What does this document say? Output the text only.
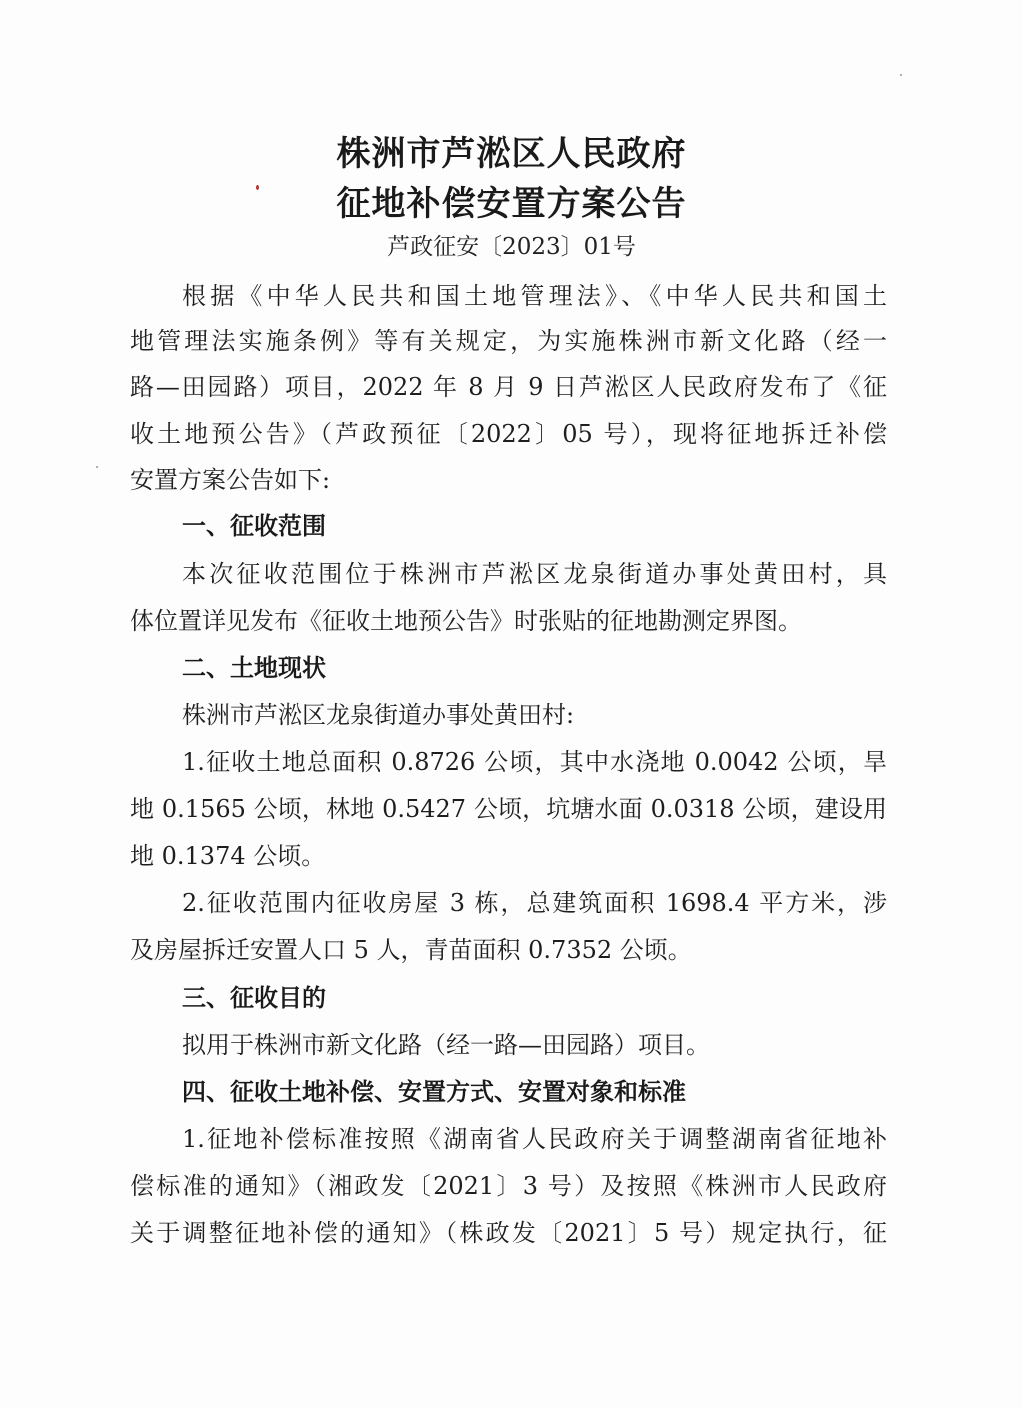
株洲市芦淞区人民政府
征地补偿安置方案公告
芦政征安〔2023〕01号
根据《中华人民共和国土地管理法》、《中华人民共和国土
地管理法实施条例》等有关规定，为实施株洲市新文化路（经一
路—田园路）项目，2022 年 8 月 9 日芦淞区人民政府发布了《征
收土地预公告》（芦政预征〔2022〕05 号），现将征地拆迁补偿
安置方案公告如下:
一、征收范围
本次征收范围位于株洲市芦淞区龙泉街道办事处黄田村，具
体位置详见发布《征收土地预公告》时张贴的征地勘测定界图。
二、土地现状
株洲市芦淞区龙泉街道办事处黄田村:
1.征收土地总面积 0.8726 公顷，其中水浇地 0.0042 公顷，旱
地 0.1565 公顷，林地 0.5427 公顷，坑塘水面 0.0318 公顷，建设用
地 0.1374 公顷。
2.征收范围内征收房屋 3 栋，总建筑面积 1698.4 平方米，涉
及房屋拆迁安置人口 5 人，青苗面积 0.7352 公顷。
三、征收目的
拟用于株洲市新文化路（经一路—田园路）项目。
四、征收土地补偿、安置方式、安置对象和标准
1.征地补偿标准按照《湖南省人民政府关于调整湖南省征地补
偿标准的通知》（湘政发〔2021〕3 号）及按照《株洲市人民政府
关于调整征地补偿的通知》（株政发〔2021〕5 号）规定执行，征
